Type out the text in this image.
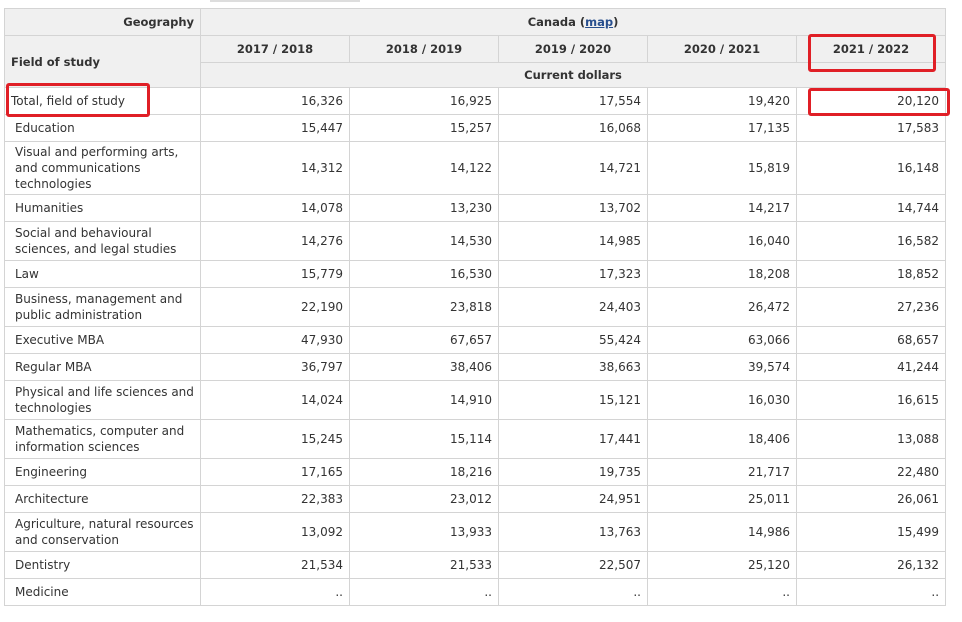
Geography	Canada (map)				
Field of study	2017 / 2018	2018 / 2019	2019 / 2020	2020 / 2021	2021 / 2022
	Current dollars				
Total, field of study	16,326	16,925	17,554	19,420	20,120
Education	15,447	15,257	16,068	17,135	17,583
Visual and performing arts, and communications technologies	14,312	14,122	14,721	15,819	16,148
Humanities	14,078	13,230	13,702	14,217	14,744
Social and behavioural sciences, and legal studies	14,276	14,530	14,985	16,040	16,582
Law	15,779	16,530	17,323	18,208	18,852
Business, management and public administration	22,190	23,818	24,403	26,472	27,236
Executive MBA	47,930	67,657	55,424	63,066	68,657
Regular MBA	36,797	38,406	38,663	39,574	41,244
Physical and life sciences and technologies	14,024	14,910	15,121	16,030	16,615
Mathematics, computer and information sciences	15,245	15,114	17,441	18,406	13,088
Engineering	17,165	18,216	19,735	21,717	22,480
Architecture	22,383	23,012	24,951	25,011	26,061
Agriculture, natural resources and conservation	13,092	13,933	13,763	14,986	15,499
Dentistry	21,534	21,533	22,507	25,120	26,132
Medicine	..	..	..	..	..
